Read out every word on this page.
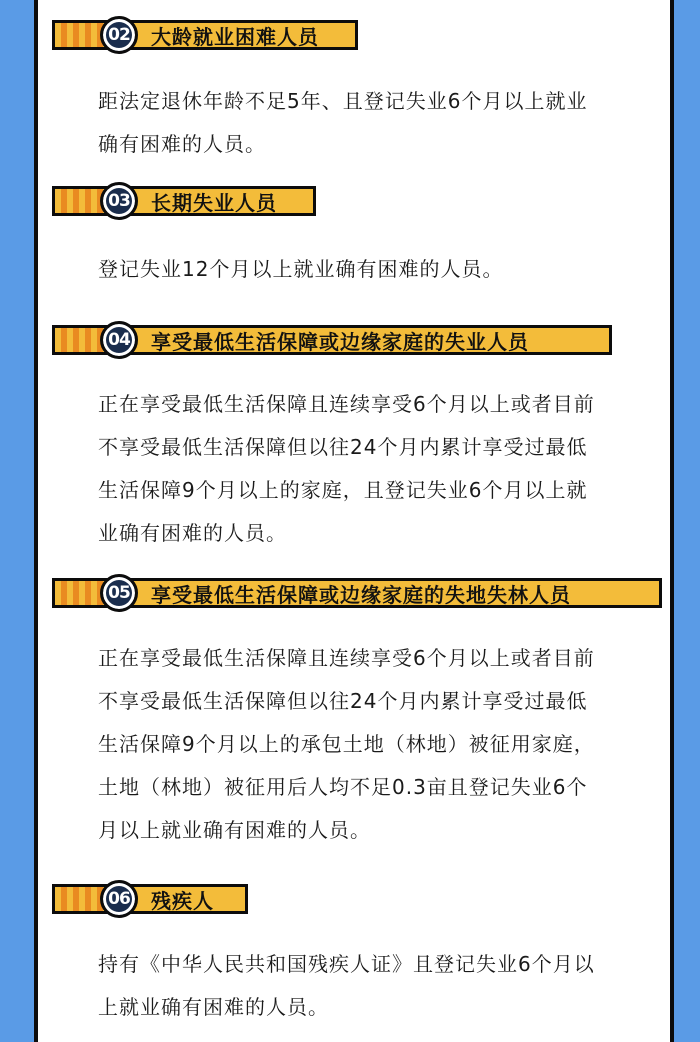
大龄就业困难人员
02
距法定退休年龄不足5年、且登记失业6个月以上就业
确有困难的人员。
长期失业人员
03
登记失业12个月以上就业确有困难的人员。
享受最低生活保障或边缘家庭的失业人员
04
正在享受最低生活保障且连续享受6个月以上或者目前
不享受最低生活保障但以往24个月内累计享受过最低
生活保障9个月以上的家庭，且登记失业6个月以上就
业确有困难的人员。
享受最低生活保障或边缘家庭的失地失林人员
05
正在享受最低生活保障且连续享受6个月以上或者目前
不享受最低生活保障但以往24个月内累计享受过最低
生活保障9个月以上的承包土地（林地）被征用家庭，
土地（林地）被征用后人均不足0.3亩且登记失业6个
月以上就业确有困难的人员。
残疾人
06
持有《中华人民共和国残疾人证》且登记失业6个月以
上就业确有困难的人员。
